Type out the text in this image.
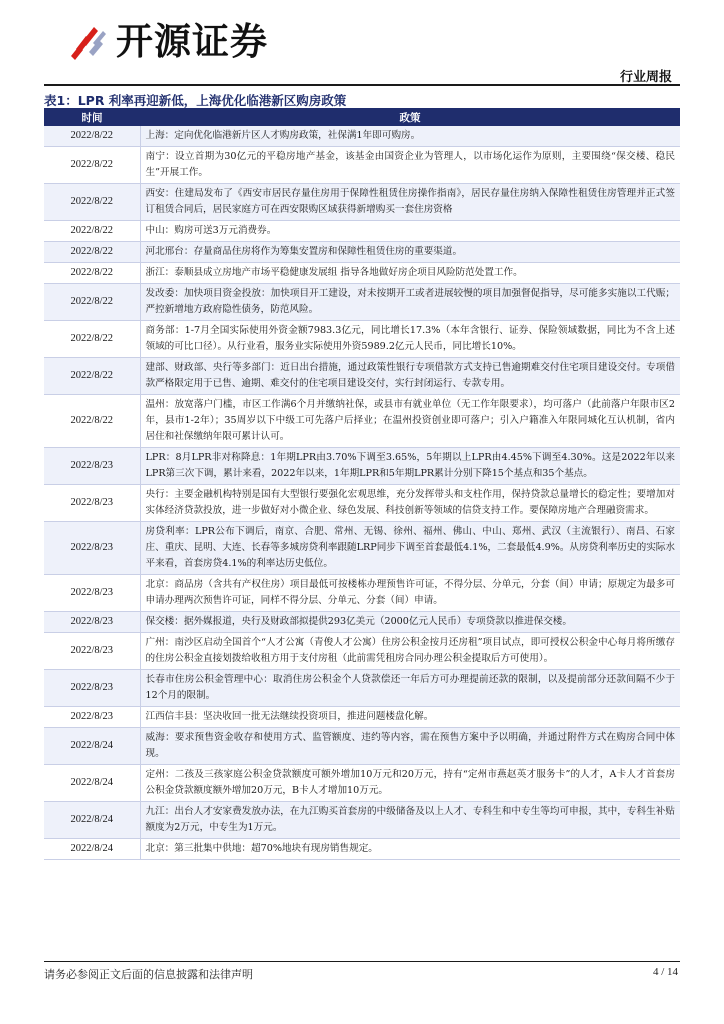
开源证券
行业周报
表1：LPR 利率再迎新低，上海优化临港新区购房政策
时间	政策
2022/8/22	上海：定向优化临港新片区人才购房政策，社保满1年即可购房。
2022/8/22	南宁：设立首期为30亿元的平稳房地产基金，该基金由国资企业为管理人，以市场化运作为原则，主要围绕“保交楼、稳民生”开展工作。
2022/8/22	西安：住建局发布了《西安市居民存量住房用于保障性租赁住房操作指南》，居民存量住房纳入保障性租赁住房管理并正式签订租赁合同后，居民家庭方可在西安限购区域获得新增购买一套住房资格
2022/8/22	中山：购房可送3万元消费券。
2022/8/22	河北邢台：存量商品住房将作为筹集安置房和保障性租赁住房的重要渠道。
2022/8/22	浙江：泰顺县成立房地产市场平稳健康发展组 指导各地做好房企项目风险防范处置工作。
2022/8/22	发改委：加快项目资金投放：加快项目开工建设，对未按期开工或者进展较慢的项目加强督促指导，尽可能多实施以工代赈；严控新增地方政府隐性债务，防范风险。
2022/8/22	商务部：1-7月全国实际使用外资金额7983.3亿元，同比增长17.3%（本年含银行、证券、保险领域数据，同比为不含上述领域的可比口径）。从行业看，服务业实际使用外资5989.2亿元人民币，同比增长10%。
2022/8/22	建部、财政部、央行等多部门：近日出台措施，通过政策性银行专项借款方式支持已售逾期难交付住宅项目建设交付。专项借款严格限定用于已售、逾期、难交付的住宅项目建设交付，实行封闭运行、专款专用。
2022/8/22	温州：放宽落户门槛，市区工作满6个月并缴纳社保，或县市有就业单位（无工作年限要求），均可落户（此前落户年限市区2年，县市1-2年）；35周岁以下中级工可先落户后择业；在温州投资创业即可落户；引入户籍准入年限同城化互认机制，省内居住和社保缴纳年限可累计认可。
2022/8/23	LPR：8月LPR非对称降息：1年期LPR由3.70%下调至3.65%，5年期以上LPR由4.45%下调至4.30%。这是2022年以来LPR第三次下调，累计来看，2022年以来，1年期LPR和5年期LPR累计分别下降15个基点和35个基点。
2022/8/23	央行：主要金融机构特别是国有大型银行要强化宏观思维，充分发挥带头和支柱作用，保持贷款总量增长的稳定性；要增加对实体经济贷款投放，进一步做好对小微企业、绿色发展、科技创新等领域的信贷支持工作。要保障房地产合理融资需求。
2022/8/23	房贷利率：LPR公布下调后，南京、合肥、常州、无锡、徐州、福州、佛山、中山、郑州、武汉（主流银行）、南昌、石家庄、重庆、昆明、大连、长春等多城房贷利率跟随LRP同步下调至首套最低4.1%，二套最低4.9%。从房贷利率历史的实际水平来看，首套房贷4.1%的利率达历史低位。
2022/8/23	北京：商品房（含共有产权住房）项目最低可按楼栋办理预售许可证，不得分层、分单元，分套（间）申请；原规定为最多可申请办理两次预售许可证，同样不得分层、分单元、分套（间）申请。
2022/8/23	保交楼：据外媒报道，央行及财政部拟提供293亿美元（2000亿元人民币）专项贷款以推进保交楼。
2022/8/23	广州：南沙区启动全国首个“人才公寓（青俊人才公寓）住房公积金按月还房租”项目试点，即可授权公积金中心每月将所缴存的住房公积金直接划拨给收租方用于支付房租（此前需凭租房合同办理公积金提取后方可使用）。
2022/8/23	长春市住房公积金管理中心：取消住房公积金个人贷款偿还一年后方可办理提前还款的限制，以及提前部分还款间隔不少于12个月的限制。
2022/8/23	江西信丰县：坚决收回一批无法继续投资项目，推进问题楼盘化解。
2022/8/24	威海：要求预售资金收存和使用方式、监管额度、违约等内容，需在预售方案中予以明确，并通过附件方式在购房合同中体现。
2022/8/24	定州：二孩及三孩家庭公积金贷款额度可额外增加10万元和20万元，持有“定州市燕赵英才服务卡”的人才，A卡人才首套房公积金贷款额度额外增加20万元，B卡人才增加10万元。
2022/8/24	九江：出台人才安家费发放办法，在九江购买首套房的中级储备及以上人才、专科生和中专生等均可申报，其中，专科生补贴额度为2万元，中专生为1万元。
2022/8/24	北京：第三批集中供地：超70%地块有现房销售规定。
请务必参阅正文后面的信息披露和法律声明	4 / 14
